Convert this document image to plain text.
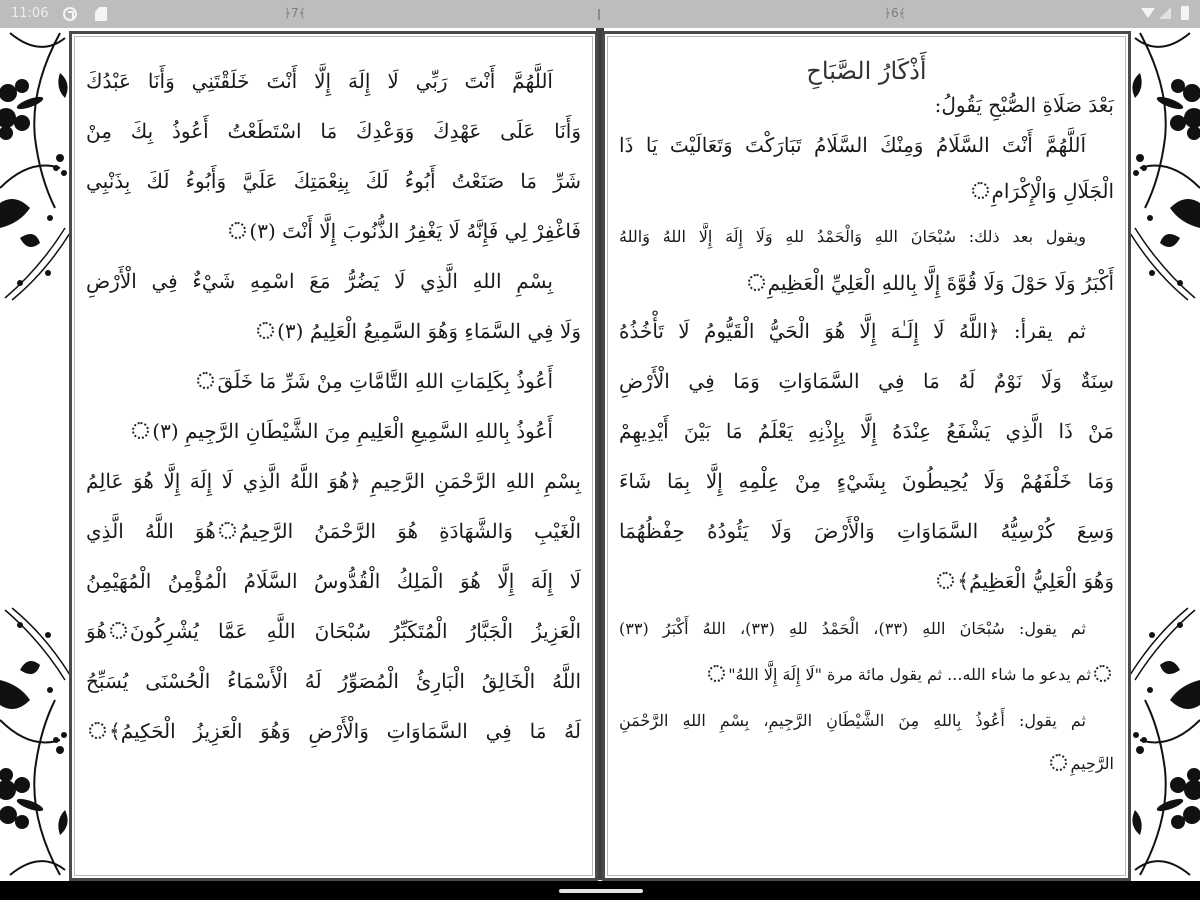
11:06	﴿7﴾	﴿6﴾
اَللَّهُمَّ أَنْتَ رَبِّي لَا إِلَهَ إِلَّا أَنْتَ خَلَقْتَنِي وَأَنَا عَبْدُكَ
وَأَنَا عَلَى عَهْدِكَ وَوَعْدِكَ مَا اسْتَطَعْتُ أَعُوذُ بِكَ مِنْ
شَرِّ مَا صَنَعْتُ أَبُوءُ لَكَ بِنِعْمَتِكَ عَلَيَّ وَأَبُوءُ لَكَ بِذَنْبِي
فَاغْفِرْ لِي فَإِنَّهُ لَا يَغْفِرُ الذُّنُوبَ إِلَّا أَنْتَ (٣)
بِسْمِ اللهِ الَّذِي لَا يَضُرُّ مَعَ اسْمِهِ شَيْءٌ فِي الْأَرْضِ
وَلَا فِي السَّمَاءِ وَهُوَ السَّمِيعُ الْعَلِيمُ (٣)
أَعُوذُ بِكَلِمَاتِ اللهِ التَّامَّاتِ مِنْ شَرِّ مَا خَلَقَ
أَعُوذُ بِاللهِ السَّمِيعِ الْعَلِيمِ مِنَ الشَّيْطَانِ الرَّجِيمِ (٣)
بِسْمِ اللهِ الرَّحْمَنِ الرَّحِيمِ ﴿هُوَ اللَّهُ الَّذِي لَا إِلَهَ إِلَّا هُوَ عَالِمُ
الْغَيْبِ وَالشَّهَادَةِ هُوَ الرَّحْمَنُ الرَّحِيمُهُوَ اللَّهُ الَّذِي
لَا إِلَهَ إِلَّا هُوَ الْمَلِكُ الْقُدُّوسُ السَّلَامُ الْمُؤْمِنُ الْمُهَيْمِنُ
الْعَزِيزُ الْجَبَّارُ الْمُتَكَبِّرُ سُبْحَانَ اللَّهِ عَمَّا يُشْرِكُونَهُوَ
اللَّهُ الْخَالِقُ الْبَارِئُ الْمُصَوِّرُ لَهُ الْأَسْمَاءُ الْحُسْنَى يُسَبِّحُ
لَهُ مَا فِي السَّمَاوَاتِ وَالْأَرْضِ وَهُوَ الْعَزِيزُ الْحَكِيمُ﴾
أَذْكَارُ الصَّبَاحِ
بَعْدَ صَلَاةِ الصُّبْحِ يَقُولُ:
اَللَّهُمَّ أَنْتَ السَّلَامُ وَمِنْكَ السَّلَامُ تَبَارَكْتَ وَتَعَالَيْتَ يَا ذَا
الْجَلَالِ وَالْإِكْرَامِ
ويقول بعد ذلك: سُبْحَانَ اللهِ وَالْحَمْدُ للهِ وَلَا إِلَهَ إِلَّا اللهُ وَاللهُ
أَكْبَرُ وَلَا حَوْلَ وَلَا قُوَّةَ إِلَّا بِاللهِ الْعَلِيِّ الْعَظِيمِ
ثم يقرأ: ﴿اللَّهُ لَا إِلَـٰهَ إِلَّا هُوَ الْحَيُّ الْقَيُّومُ لَا تَأْخُذُهُ
سِنَةٌ وَلَا نَوْمٌ لَهُ مَا فِي السَّمَاوَاتِ وَمَا فِي الْأَرْضِ
مَنْ ذَا الَّذِي يَشْفَعُ عِنْدَهُ إِلَّا بِإِذْنِهِ يَعْلَمُ مَا بَيْنَ أَيْدِيهِمْ
وَمَا خَلْفَهُمْ وَلَا يُحِيطُونَ بِشَيْءٍ مِنْ عِلْمِهِ إِلَّا بِمَا شَاءَ
وَسِعَ كُرْسِيُّهُ السَّمَاوَاتِ وَالْأَرْضَ وَلَا يَئُودُهُ حِفْظُهُمَا
وَهُوَ الْعَلِيُّ الْعَظِيمُ﴾
ثم يقول: سُبْحَانَ اللهِ (٣٣)، الْحَمْدُ للهِ (٣٣)، اللهُ أَكْبَرُ (٣٣)
ثم يدعو ما شاء الله... ثم يقول مائة مرة "لَا إِلَهَ إِلَّا اللهُ"
ثم يقول: أَعُوذُ بِاللهِ مِنَ الشَّيْطَانِ الرَّجِيمِ، بِسْمِ اللهِ الرَّحْمَنِ
الرَّحِيمِ
